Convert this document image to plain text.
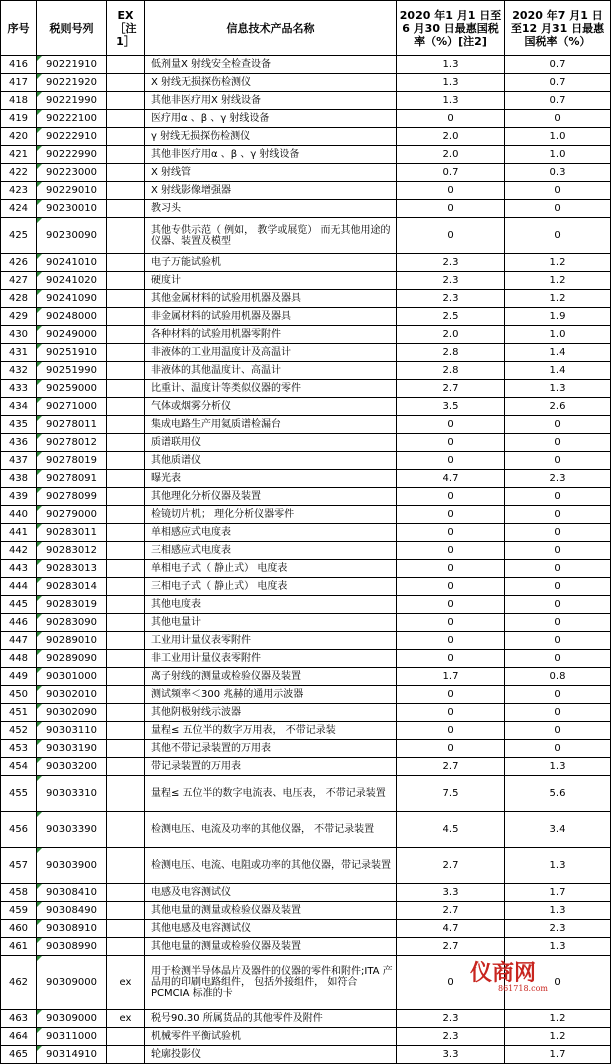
序号	税则号列	EX［注1］	信息技术产品名称	2020 年1 月1 日至6 月30 日最惠国税率（%）[注2]	2020 年7 月1 日至12 月31 日最惠国税率（%）
416	90221910		低剂量X 射线安全检查设备	1.3	0.7
417	90221920		X 射线无损探伤检测仪	1.3	0.7
418	90221990		其他非医疗用X 射线设备	1.3	0.7
419	90222100		医疗用α 、β 、γ 射线设备	0	0
420	90222910		γ 射线无损探伤检测仪	2.0	1.0
421	90222990		其他非医疗用α 、β 、γ 射线设备	2.0	1.0
422	90223000		X 射线管	0.7	0.3
423	90229010		X 射线影像增强器	0	0
424	90230010		教习头	0	0
425	90230090		其他专供示范（ 例如， 教学或展览） 而无其他用途的仪器、装置及模型	0	0
426	90241010		电子万能试验机	2.3	1.2
427	90241020		硬度计	2.3	1.2
428	90241090		其他金属材料的试验用机器及器具	2.3	1.2
429	90248000		非金属材料的试验用机器及器具	2.5	1.9
430	90249000		各种材料的试验用机器零附件	2.0	1.0
431	90251910		非液体的工业用温度计及高温计	2.8	1.4
432	90251990		非液体的其他温度计、高温计	2.8	1.4
433	90259000		比重计、温度计等类似仪器的零件	2.7	1.3
434	90271000		气体或烟雾分析仪	3.5	2.6
435	90278011		集成电路生产用氦质谱检漏台	0	0
436	90278012		质谱联用仪	0	0
437	90278019		其他质谱仪	0	0
438	90278091		曝光表	4.7	2.3
439	90278099		其他理化分析仪器及装置	0	0
440	90279000		检镜切片机； 理化分析仪器零件	0	0
441	90283011		单相感应式电度表	0	0
442	90283012		三相感应式电度表	0	0
443	90283013		单相电子式（ 静止式） 电度表	0	0
444	90283014		三相电子式（ 静止式） 电度表	0	0
445	90283019		其他电度表	0	0
446	90283090		其他电量计	0	0
447	90289010		工业用计量仪表零附件	0	0
448	90289090		非工业用计量仪表零附件	0	0
449	90301000		离子射线的测量或检验仪器及装置	1.7	0.8
450	90302010		测试频率＜300 兆赫的通用示波器	0	0
451	90302090		其他阴极射线示波器	0	0
452	90303110		量程≤ 五位半的数字万用表， 不带记录装	0	0
453	90303190		其他不带记录装置的万用表	0	0
454	90303200		带记录装置的万用表	2.7	1.3
455	90303310		量程≤ 五位半的数字电流表、电压表， 不带记录装置	7.5	5.6
456	90303390		检测电压、电流及功率的其他仪器， 不带记录装置	4.5	3.4
457	90303900		检测电压、电流、电阻或功率的其他仪器，带记录装置	2.7	1.3
458	90308410		电感及电容测试仪	3.3	1.7
459	90308490		其他电量的测量或检验仪器及装置	2.7	1.3
460	90308910		其他电感及电容测试仪	4.7	2.3
461	90308990		其他电量的测量或检验仪器及装置	2.7	1.3
462	90309000	ex	用于检测半导体晶片及器件的仪器的零件和附件;ITA 产品用的印刷电路组件， 包括外接组件， 如符合PCMCIA 标准的卡	0	0
463	90309000	ex	税号90.30 所属货品的其他零件及附件	2.3	1.2
464	90311000		机械零件平衡试验机	2.3	1.2
465	90314910		轮廓投影仪	3.3	1.7
仪商网
861718.com
